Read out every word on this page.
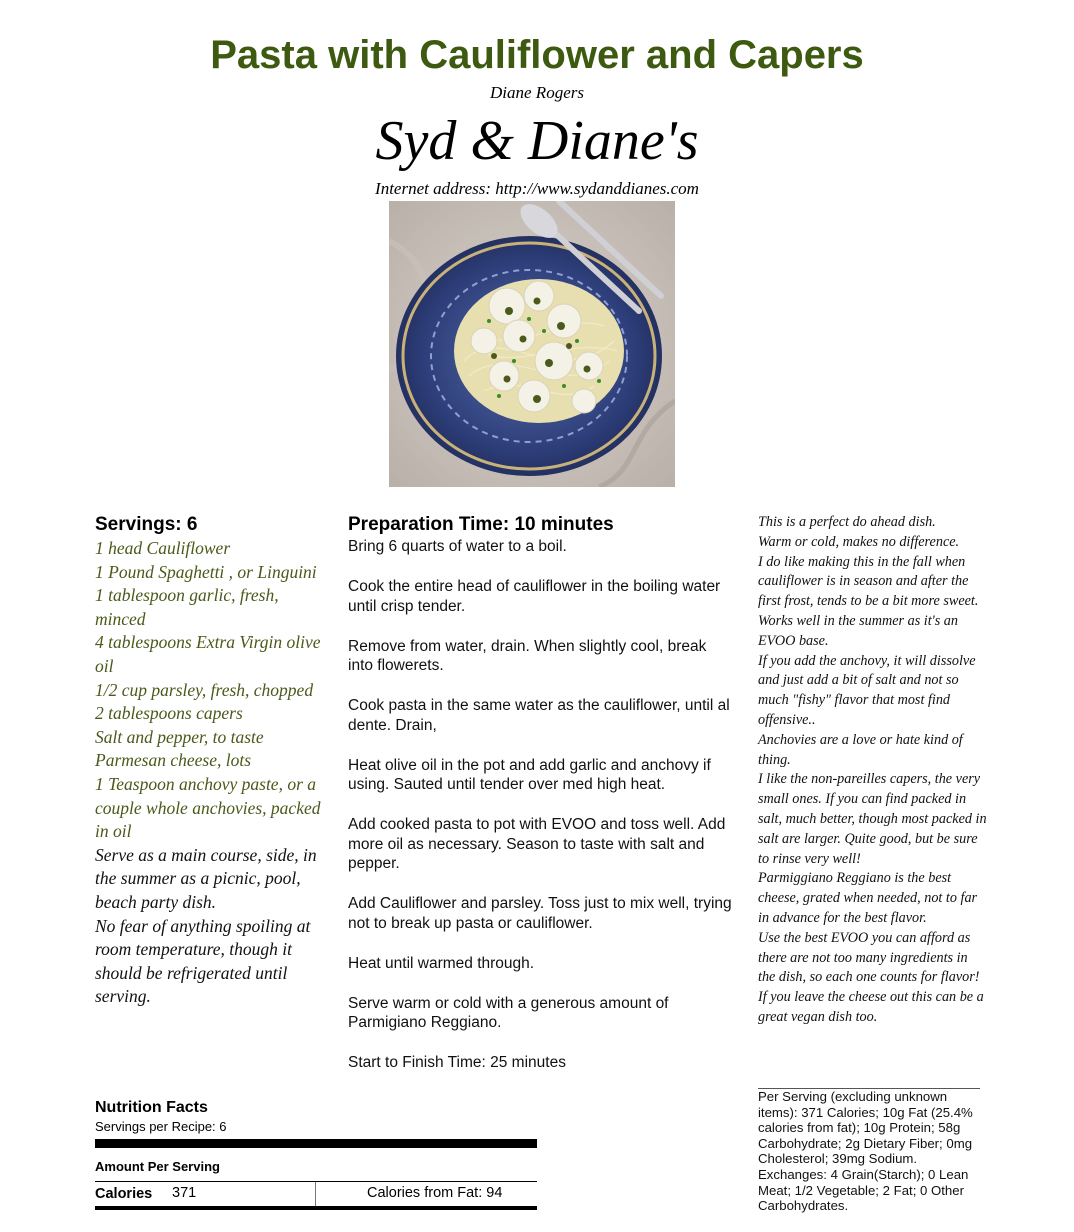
Pasta with Cauliflower and Capers
Diane Rogers
Syd & Diane's
Internet address: http://www.sydanddianes.com
Servings: 6
1 head Cauliflower
1 Pound Spaghetti , or Linguini
1 tablespoon garlic, fresh, minced
4 tablespoons Extra Virgin olive oil
1/2 cup parsley, fresh, chopped
2 tablespoons capers
Salt and pepper, to taste
Parmesan cheese, lots
1 Teaspoon anchovy paste, or a couple whole anchovies, packed in oil
Serve as a main course, side, in the summer as a picnic, pool, beach party dish.
No fear of anything spoiling at room temperature, though it should be refrigerated until serving.
Preparation Time: 10 minutes

Bring 6 quarts of water to a boil.

Cook the entire head of cauliflower in the boiling water until crisp tender.

Remove from water, drain. When slightly cool, break into flowerets.

Cook pasta in the same water as the cauliflower, until al dente. Drain,

Heat olive oil in the pot and add garlic and anchovy if using. Sauted until tender over med high heat.

Add cooked pasta to pot with EVOO and toss well. Add more oil as necessary. Season to taste with salt and pepper.

Add Cauliflower and parsley. Toss just to mix well, trying not to break up pasta or cauliflower.

Heat until warmed through.

Serve warm or cold with a generous amount of Parmigiano Reggiano.

Start to Finish Time: 25 minutes

This is a perfect do ahead dish.
Warm or cold, makes no difference.
I do like making this in the fall when cauliflower is in season and after the first frost, tends to be a bit more sweet.
Works well in the summer as it's an EVOO base.
If you add the anchovy, it will dissolve and just add a bit of salt and not so much "fishy" flavor that most find offensive..
Anchovies are a love or hate kind of thing.
I like the non-pareilles capers, the very small ones. If you can find packed in salt, much better, though most packed in salt are larger. Quite good, but be sure to rinse very well!
Parmiggiano Reggiano is the best cheese, grated when needed, not to far in advance for the best flavor.
Use the best EVOO you can afford as there are not too many ingredients in the dish, so each one counts for flavor!
If you leave the cheese out this can be a great vegan dish too.
Nutrition Facts
Servings per Recipe: 6
Amount Per Serving
Calories 371	Calories from Fat: 94
Per Serving (excluding unknown items): 371 Calories; 10g Fat (25.4% calories from fat); 10g Protein; 58g Carbohydrate; 2g Dietary Fiber; 0mg Cholesterol; 39mg Sodium. Exchanges: 4 Grain(Starch); 0 Lean Meat; 1/2 Vegetable; 2 Fat; 0 Other Carbohydrates.
